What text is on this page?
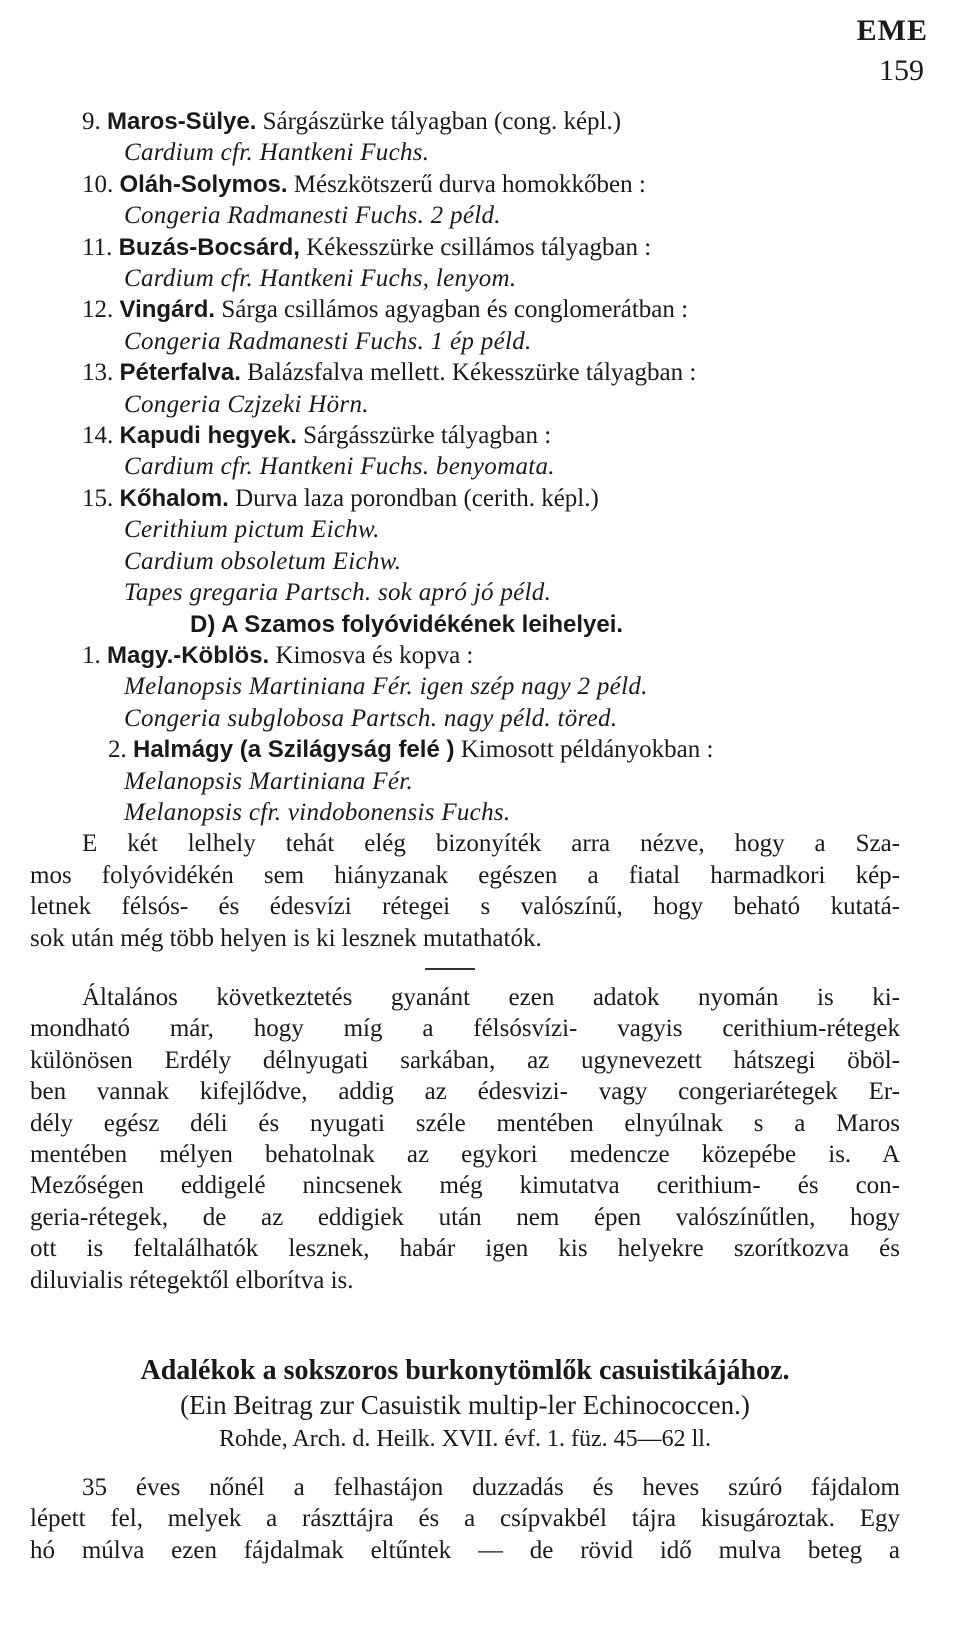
EME
159
9. Maros-Sülye. Sárgászürke tályagban (cong. képl.)
Cardium cfr. Hantkeni Fuchs.
10. Oláh-Solymos. Mészkötszerű durva homokkőben :
Congeria Radmanesti Fuchs. 2 péld.
11. Buzás-Bocsárd, Kékesszürke csillámos tályagban :
Cardium cfr. Hantkeni Fuchs, lenyom.
12. Vingárd. Sárga csillámos agyagban és conglomerátban :
Congeria Radmanesti Fuchs. 1 ép péld.
13. Péterfalva. Balázsfalva mellett. Kékesszürke tályagban :
Congeria Czjzeki Hörn.
14. Kapudi hegyek. Sárgásszürke tályagban :
Cardium cfr. Hantkeni Fuchs. benyomata.
15. Kőhalom. Durva laza porondban (cerith. képl.)
Cerithium pictum Eichw.
Cardium obsoletum Eichw.
Tapes gregaria Partsch. sok apró jó péld.
D) A Szamos folyóvidékének leihelyei.
1. Magy.-Köblös. Kimosva és kopva :
Melanopsis Martiniana Fér. igen szép nagy 2 péld.
Congeria subglobosa Partsch. nagy péld. töred.
2. Halmágy (a Szilágyság felé ) Kimosott példányokban :
Melanopsis Martiniana Fér.
Melanopsis cfr. vindobonensis Fuchs.
E két lelhely tehát elég bizonyíték arra nézve, hogy a Sza-
mos folyóvidékén sem hiányzanak egészen a fiatal harmadkori kép-
letnek félsós- és édesvízi rétegei s valószínű, hogy beható kutatá-
sok után még több helyen is ki lesznek mutathatók.
Általános következtetés gyanánt ezen adatok nyomán is ki-
mondható már, hogy míg a félsósvízi- vagyis cerithium-rétegek
különösen Erdély délnyugati sarkában, az ugynevezett hátszegi öböl-
ben vannak kifejlődve, addig az édesvizi- vagy congeriarétegek Er-
dély egész déli és nyugati széle mentében elnyúlnak s a Maros
mentében mélyen behatolnak az egykori medencze közepébe is. A
Mezőségen eddigelé nincsenek még kimutatva cerithium- és con-
geria-rétegek, de az eddigiek után nem épen valószínűtlen, hogy
ott is feltalálhatók lesznek, habár igen kis helyekre szorítkozva és
diluvialis rétegektől elborítva is.
Adalékok a sokszoros burkonytömlők casuistikájához.
(Ein Beitrag zur Casuistik multip-ler Echinococcen.)
Rohde, Arch. d. Heilk. XVII. évf. 1. füz. 45—62 ll.
35 éves nőnél a felhastájon duzzadás és heves szúró fájdalom
lépett fel, melyek a rászttájra és a csípvakbél tájra kisugároztak. Egy
hó múlva ezen fájdalmak eltűntek — de rövid idő mulva beteg a
